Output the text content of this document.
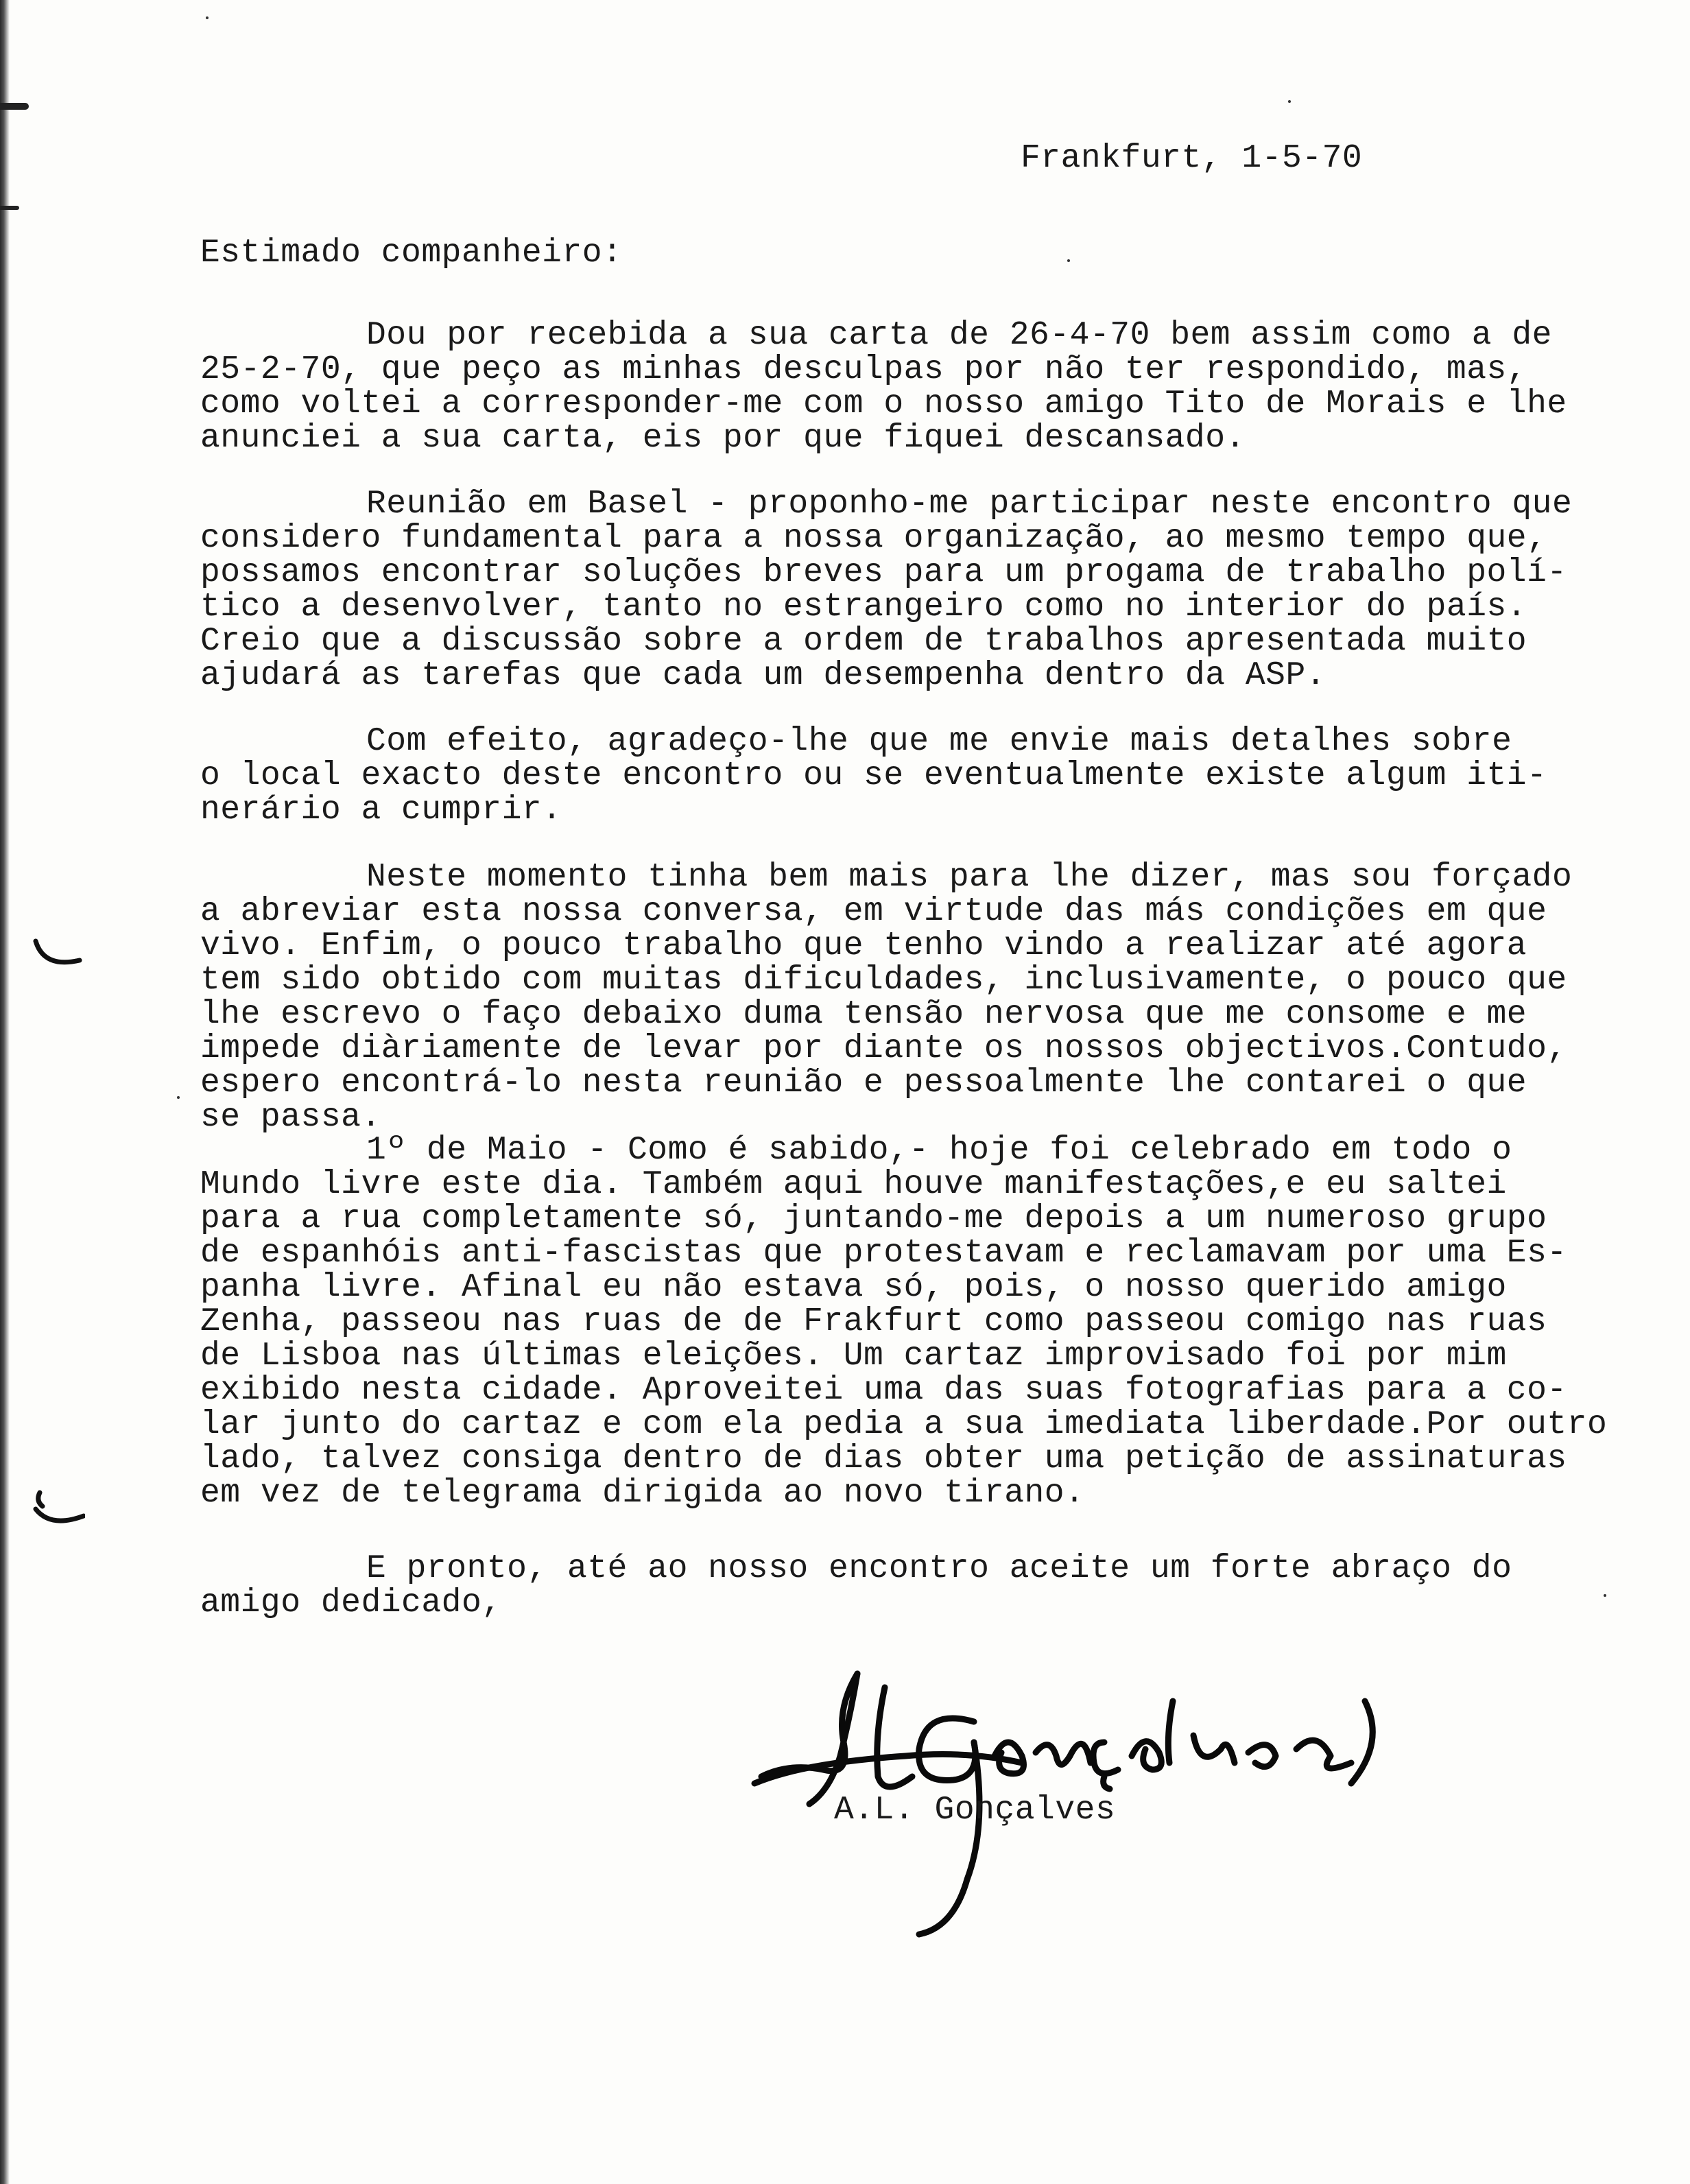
Frankfurt, 1-5-70

Estimado companheiro:

Dou por recebida a sua carta de 26-4-70 bem assim como a de

25-2-70, que peço as minhas desculpas por não ter respondido, mas,

como voltei a corresponder-me com o nosso amigo Tito de Morais e lhe

anunciei a sua carta, eis por que fiquei descansado.

Reunião em Basel - proponho-me participar neste encontro que

considero fundamental para a nossa organização, ao mesmo tempo que,

possamos encontrar soluções breves para um progama de trabalho polí-

tico a desenvolver, tanto no estrangeiro como no interior do país.

Creio que a discussão sobre a ordem de trabalhos apresentada muito

ajudará as tarefas que cada um desempenha dentro da ASP.

Com efeito, agradeço-lhe que me envie mais detalhes sobre

o local exacto deste encontro ou se eventualmente existe algum iti-

nerário a cumprir.

Neste momento tinha bem mais para lhe dizer, mas sou forçado

a abreviar esta nossa conversa, em virtude das más condições em que

vivo. Enfim, o pouco trabalho que tenho vindo a realizar até agora

tem sido obtido com muitas dificuldades, inclusivamente, o pouco que

lhe escrevo o faço debaixo duma tensão nervosa que me consome e me

impede diàriamente de levar por diante os nossos objectivos.Contudo,

espero encontrá-lo nesta reunião e pessoalmente lhe contarei o que

se passa.

1º de Maio - Como é sabido,- hoje foi celebrado em todo o

Mundo livre este dia. Também aqui houve manifestações,e eu saltei

para a rua completamente só, juntando-me depois a um numeroso grupo

de espanhóis anti-fascistas que protestavam e reclamavam por uma Es-

panha livre. Afinal eu não estava só, pois, o nosso querido amigo

Zenha, passeou nas ruas de de Frakfurt como passeou comigo nas ruas

de Lisboa nas últimas eleições. Um cartaz improvisado foi por mim

exibido nesta cidade. Aproveitei uma das suas fotografias para a co-

lar junto do cartaz e com ela pedia a sua imediata liberdade.Por outro

lado, talvez consiga dentro de dias obter uma petição de assinaturas

em vez de telegrama dirigida ao novo tirano.

E pronto, até ao nosso encontro aceite um forte abraço do

amigo dedicado,

A.L. Gonçalves
